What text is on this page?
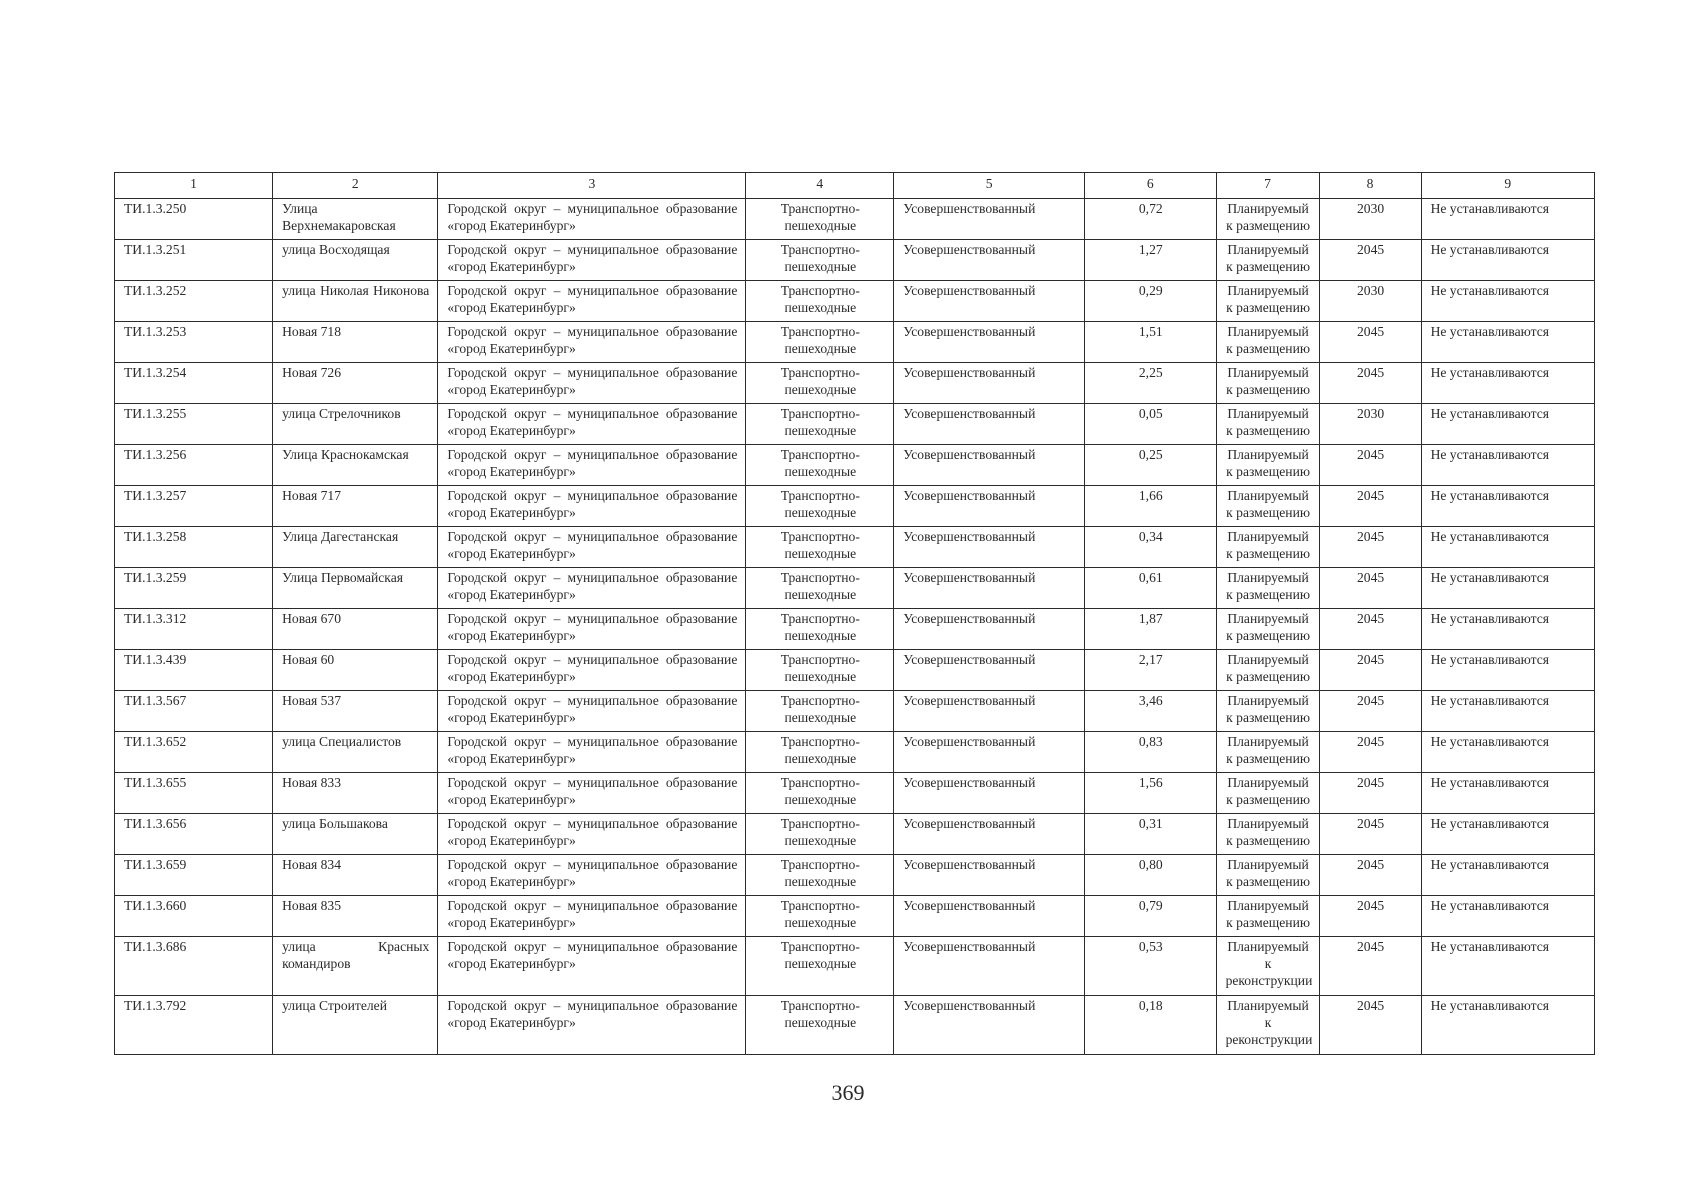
1	2	3	4	5	6	7	8	9
ТИ.1.3.250	Улица Верхнемакаровская	Городской округ – муниципальное образование «город Екатеринбург»	Транспортно-пешеходные	Усовершенствованный	0,72	Планируемый к размещению	2030	Не устанавливаются
ТИ.1.3.251	улица Восходящая	Городской округ – муниципальное образование «город Екатеринбург»	Транспортно-пешеходные	Усовершенствованный	1,27	Планируемый к размещению	2045	Не устанавливаются
ТИ.1.3.252	улица Николая Никонова	Городской округ – муниципальное образование «город Екатеринбург»	Транспортно-пешеходные	Усовершенствованный	0,29	Планируемый к размещению	2030	Не устанавливаются
ТИ.1.3.253	Новая 718	Городской округ – муниципальное образование «город Екатеринбург»	Транспортно-пешеходные	Усовершенствованный	1,51	Планируемый к размещению	2045	Не устанавливаются
ТИ.1.3.254	Новая 726	Городской округ – муниципальное образование «город Екатеринбург»	Транспортно-пешеходные	Усовершенствованный	2,25	Планируемый к размещению	2045	Не устанавливаются
ТИ.1.3.255	улица Стрелочников	Городской округ – муниципальное образование «город Екатеринбург»	Транспортно-пешеходные	Усовершенствованный	0,05	Планируемый к размещению	2030	Не устанавливаются
ТИ.1.3.256	Улица Краснокамская	Городской округ – муниципальное образование «город Екатеринбург»	Транспортно-пешеходные	Усовершенствованный	0,25	Планируемый к размещению	2045	Не устанавливаются
ТИ.1.3.257	Новая 717	Городской округ – муниципальное образование «город Екатеринбург»	Транспортно-пешеходные	Усовершенствованный	1,66	Планируемый к размещению	2045	Не устанавливаются
ТИ.1.3.258	Улица Дагестанская	Городской округ – муниципальное образование «город Екатеринбург»	Транспортно-пешеходные	Усовершенствованный	0,34	Планируемый к размещению	2045	Не устанавливаются
ТИ.1.3.259	Улица Первомайская	Городской округ – муниципальное образование «город Екатеринбург»	Транспортно-пешеходные	Усовершенствованный	0,61	Планируемый к размещению	2045	Не устанавливаются
ТИ.1.3.312	Новая 670	Городской округ – муниципальное образование «город Екатеринбург»	Транспортно-пешеходные	Усовершенствованный	1,87	Планируемый к размещению	2045	Не устанавливаются
ТИ.1.3.439	Новая 60	Городской округ – муниципальное образование «город Екатеринбург»	Транспортно-пешеходные	Усовершенствованный	2,17	Планируемый к размещению	2045	Не устанавливаются
ТИ.1.3.567	Новая 537	Городской округ – муниципальное образование «город Екатеринбург»	Транспортно-пешеходные	Усовершенствованный	3,46	Планируемый к размещению	2045	Не устанавливаются
ТИ.1.3.652	улица Специалистов	Городской округ – муниципальное образование «город Екатеринбург»	Транспортно-пешеходные	Усовершенствованный	0,83	Планируемый к размещению	2045	Не устанавливаются
ТИ.1.3.655	Новая 833	Городской округ – муниципальное образование «город Екатеринбург»	Транспортно-пешеходные	Усовершенствованный	1,56	Планируемый к размещению	2045	Не устанавливаются
ТИ.1.3.656	улица Большакова	Городской округ – муниципальное образование «город Екатеринбург»	Транспортно-пешеходные	Усовершенствованный	0,31	Планируемый к размещению	2045	Не устанавливаются
ТИ.1.3.659	Новая 834	Городской округ – муниципальное образование «город Екатеринбург»	Транспортно-пешеходные	Усовершенствованный	0,80	Планируемый к размещению	2045	Не устанавливаются
ТИ.1.3.660	Новая 835	Городской округ – муниципальное образование «город Екатеринбург»	Транспортно-пешеходные	Усовершенствованный	0,79	Планируемый к размещению	2045	Не устанавливаются
ТИ.1.3.686	улица Красных командиров	Городской округ – муниципальное образование «город Екатеринбург»	Транспортно-пешеходные	Усовершенствованный	0,53	Планируемый к реконструкции	2045	Не устанавливаются
ТИ.1.3.792	улица Строителей	Городской округ – муниципальное образование «город Екатеринбург»	Транспортно-пешеходные	Усовершенствованный	0,18	Планируемый к реконструкции	2045	Не устанавливаются
369
